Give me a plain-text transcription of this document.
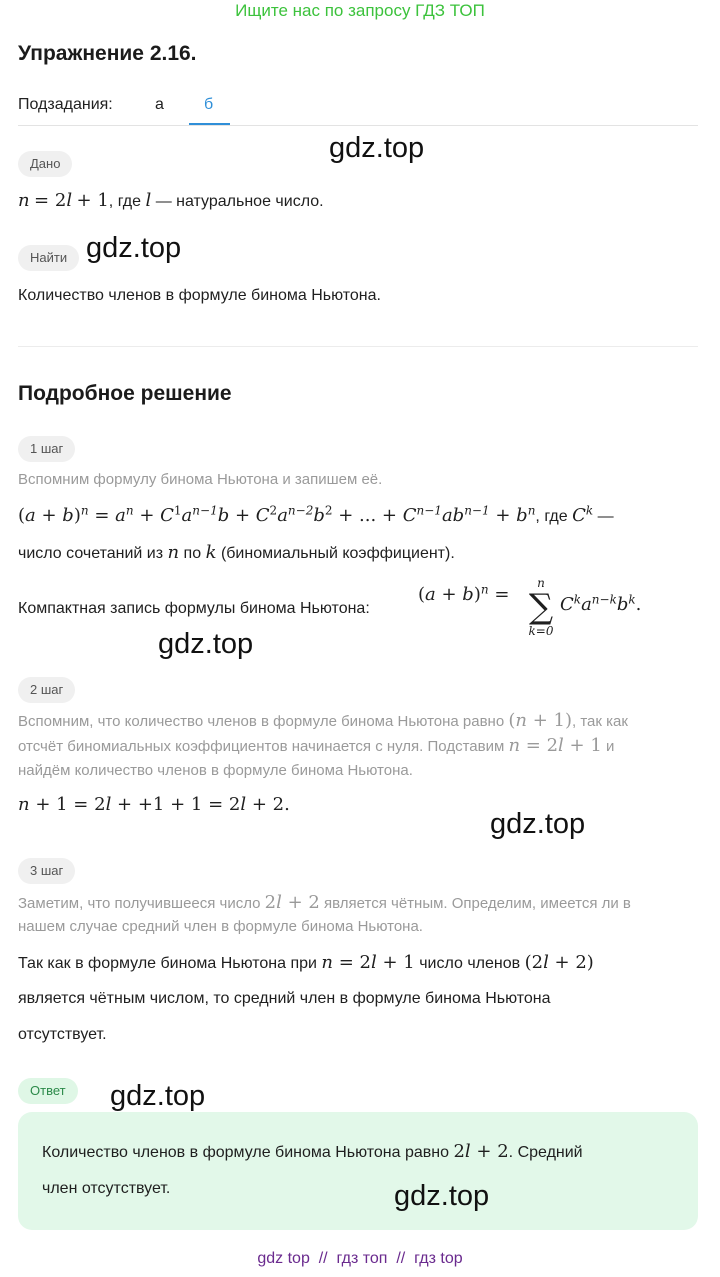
Ищите нас по запросу ГДЗ ТОП
Упражнение 2.16.
Подзадания:	а	б
gdz.top
Дано
n = 2l + 1, где l — натуральное число.
Найти gdz.top
Количество членов в формуле бинома Ньютона.
Подробное решение
1 шаг
Вспомним формулу бинома Ньютона и запишем её.
$(a + b)^n = a^n + C^1a^{n-1}b + C^2a^{n-2}b^2$ + ... + $C^{n-1}ab^{n-1} + b^n$, где $C^k$ —
число сочетаний из n по k (биномиальный коэффициент).
Компактная запись формулы бинома Ньютона:
$(a + b)^n$ =
n
∑
k=0
$C^ka^{n-k}b^k$.
gdz.top
2 шаг
Вспомним, что количество членов в формуле бинома Ньютона равно (n + 1), так как
отсчёт биномиальных коэффициентов начинается с нуля. Подставим n = 2l + 1 и
найдём количество членов в формуле бинома Ньютона.
n + 1 = 2l + +1 + 1 = 2l + 2.
gdz.top
3 шаг
Заметим, что получившееся число 2l + 2 является чётным. Определим, имеется ли в
нашем случае средний член в формуле бинома Ньютона.
Так как в формуле бинома Ньютона при n = 2l + 1 число членов (2l + 2)
является чётным числом, то средний член в формуле бинома Ньютона
отсутствует.
Ответ	gdz.top
Количество членов в формуле бинома Ньютона равно 2l + 2. Средний
член отсутствует.	gdz.top
gdz top // гдз топ // гдз top
